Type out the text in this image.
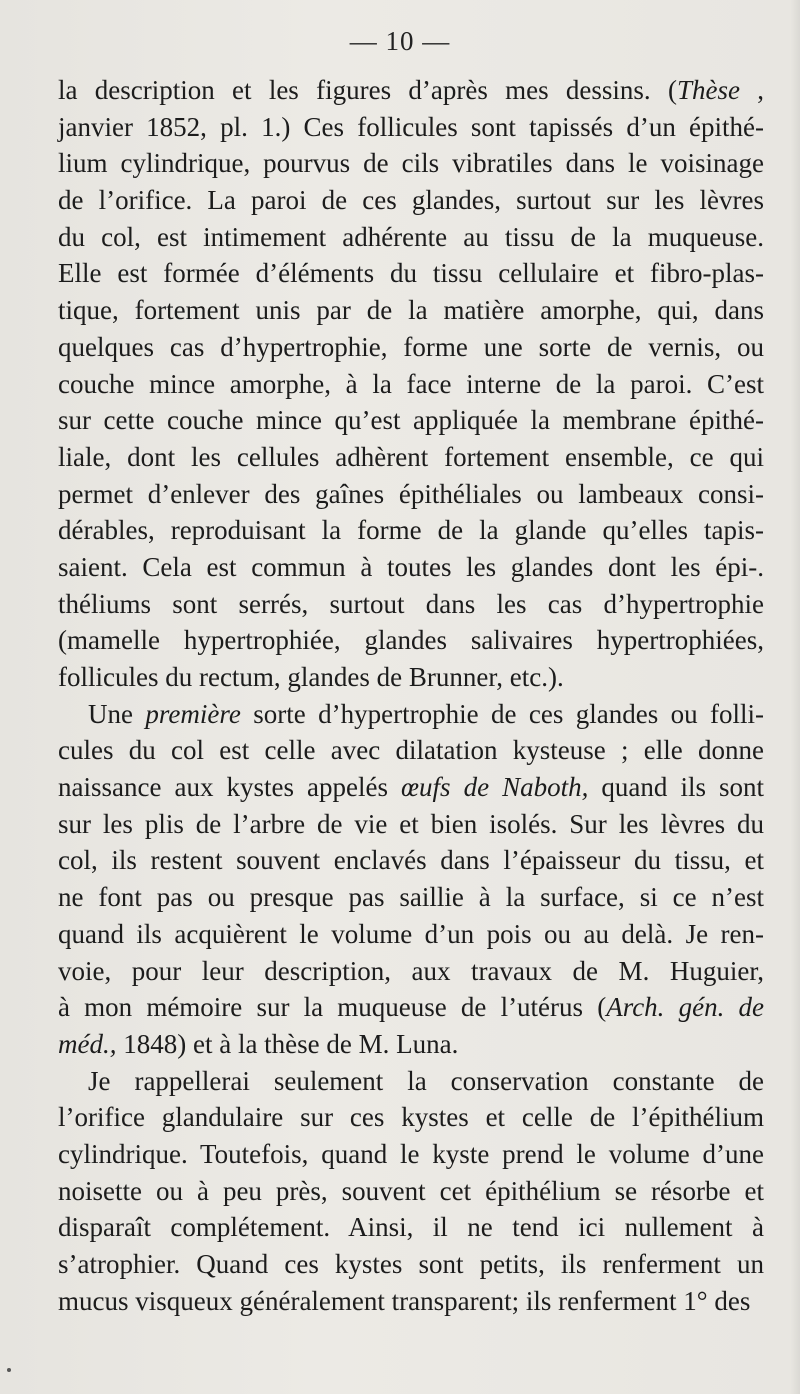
— 10 —
la description et les figures d’après mes dessins. (Thèse ,
janvier 1852, pl. 1.) Ces follicules sont tapissés d’un épithé-
lium cylindrique, pourvus de cils vibratiles dans le voisinage
de l’orifice. La paroi de ces glandes, surtout sur les lèvres
du col, est intimement adhérente au tissu de la muqueuse.
Elle est formée d’éléments du tissu cellulaire et fibro-plas-
tique, fortement unis par de la matière amorphe, qui, dans
quelques cas d’hypertrophie, forme une sorte de vernis, ou
couche mince amorphe, à la face interne de la paroi. C’est
sur cette couche mince qu’est appliquée la membrane épithé-
liale, dont les cellules adhèrent fortement ensemble, ce qui
permet d’enlever des gaînes épithéliales ou lambeaux consi-
dérables, reproduisant la forme de la glande qu’elles tapis-
saient. Cela est commun à toutes les glandes dont les épi-.
théliums sont serrés, surtout dans les cas d’hypertrophie
(mamelle hypertrophiée, glandes salivaires hypertrophiées,
follicules du rectum, glandes de Brunner, etc.).
Une première sorte d’hypertrophie de ces glandes ou folli-
cules du col est celle avec dilatation kysteuse ; elle donne
naissance aux kystes appelés œufs de Naboth, quand ils sont
sur les plis de l’arbre de vie et bien isolés. Sur les lèvres du
col, ils restent souvent enclavés dans l’épaisseur du tissu, et
ne font pas ou presque pas saillie à la surface, si ce n’est
quand ils acquièrent le volume d’un pois ou au delà. Je ren-
voie, pour leur description, aux travaux de M. Huguier,
à mon mémoire sur la muqueuse de l’utérus (Arch. gén. de
méd., 1848) et à la thèse de M. Luna.
Je rappellerai seulement la conservation constante de
l’orifice glandulaire sur ces kystes et celle de l’épithélium
cylindrique. Toutefois, quand le kyste prend le volume d’une
noisette ou à peu près, souvent cet épithélium se résorbe et
disparaît complétement. Ainsi, il ne tend ici nullement à
s’atrophier. Quand ces kystes sont petits, ils renferment un
mucus visqueux généralement transparent; ils renferment 1° des
